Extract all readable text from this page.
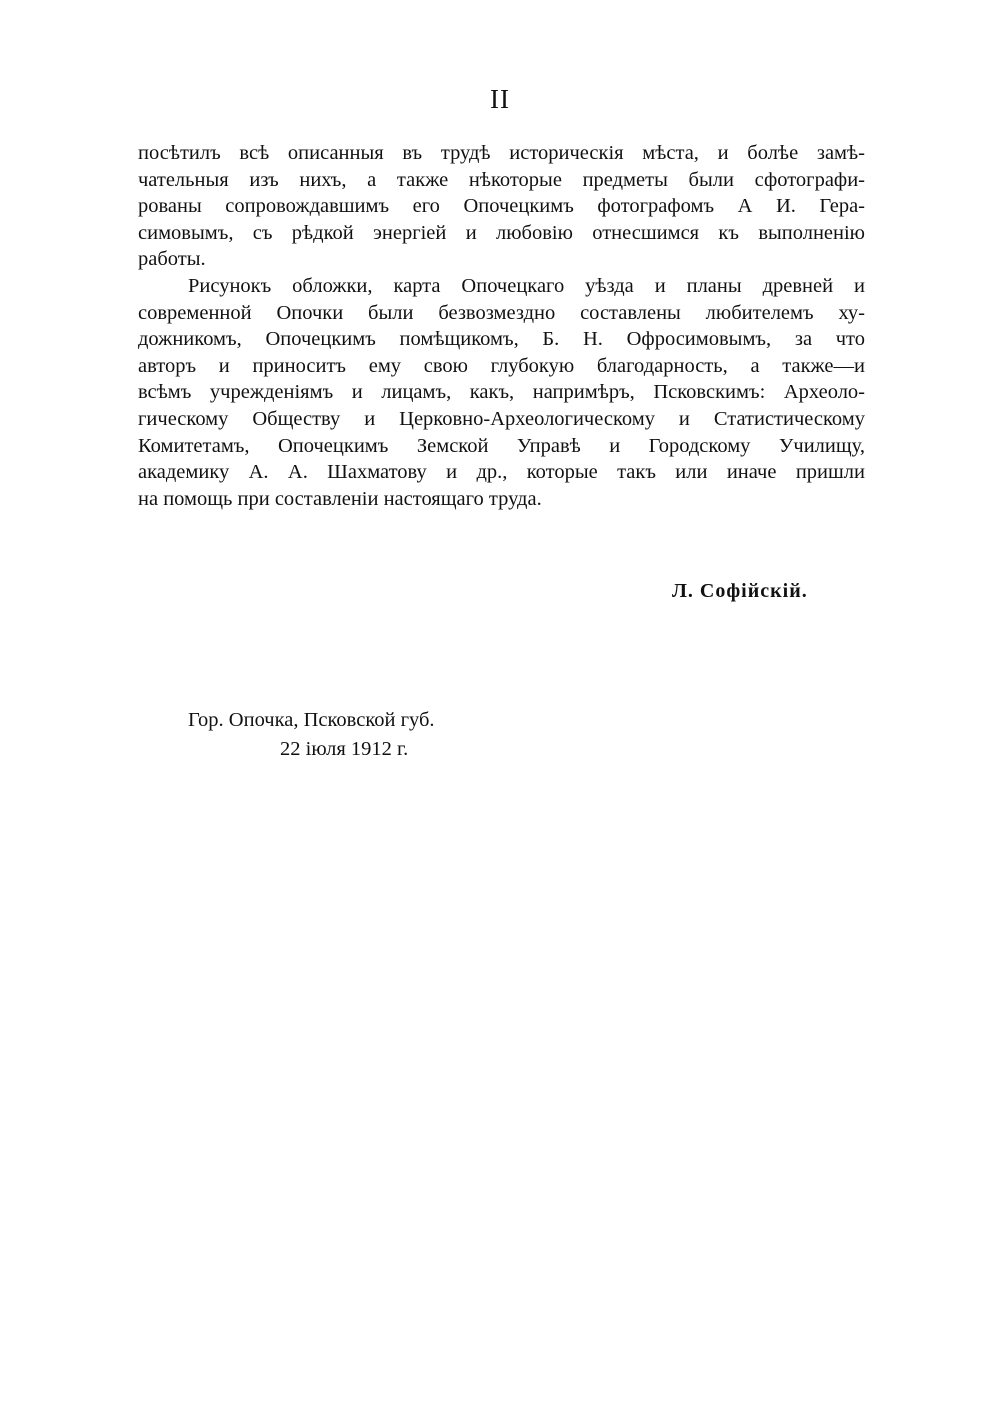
II
посѣтилъ всѣ описанныя въ трудѣ историческія мѣста, и болѣе замѣ-
чательныя изъ нихъ, а также нѣкоторые предметы были сфотографи-
рованы сопровождавшимъ его Опочецкимъ фотографомъ А И. Гера-
симовымъ, съ рѣдкой энергіей и любовію отнесшимся къ выполненію
работы.
Рисунокъ обложки, карта Опочецкаго уѣзда и планы древней и
современной Опочки были безвозмездно составлены любителемъ ху-
дожникомъ, Опочецкимъ помѣщикомъ, Б. Н. Офросимовымъ, за что
авторъ и приноситъ ему свою глубокую благодарность, а также—и
всѣмъ учрежденіямъ и лицамъ, какъ, напримѣръ, Псковскимъ: Археоло-
гическому Обществу и Церковно-Археологическому и Статистическому
Комитетамъ, Опочецкимъ Земской Управѣ и Городскому Училищу,
академику А. А. Шахматову и др., которые такъ или иначе пришли
на помощь при составленіи настоящаго труда.
Л. Софійскій.
Гор. Опочка, Псковской губ.
22 іюля 1912 г.
